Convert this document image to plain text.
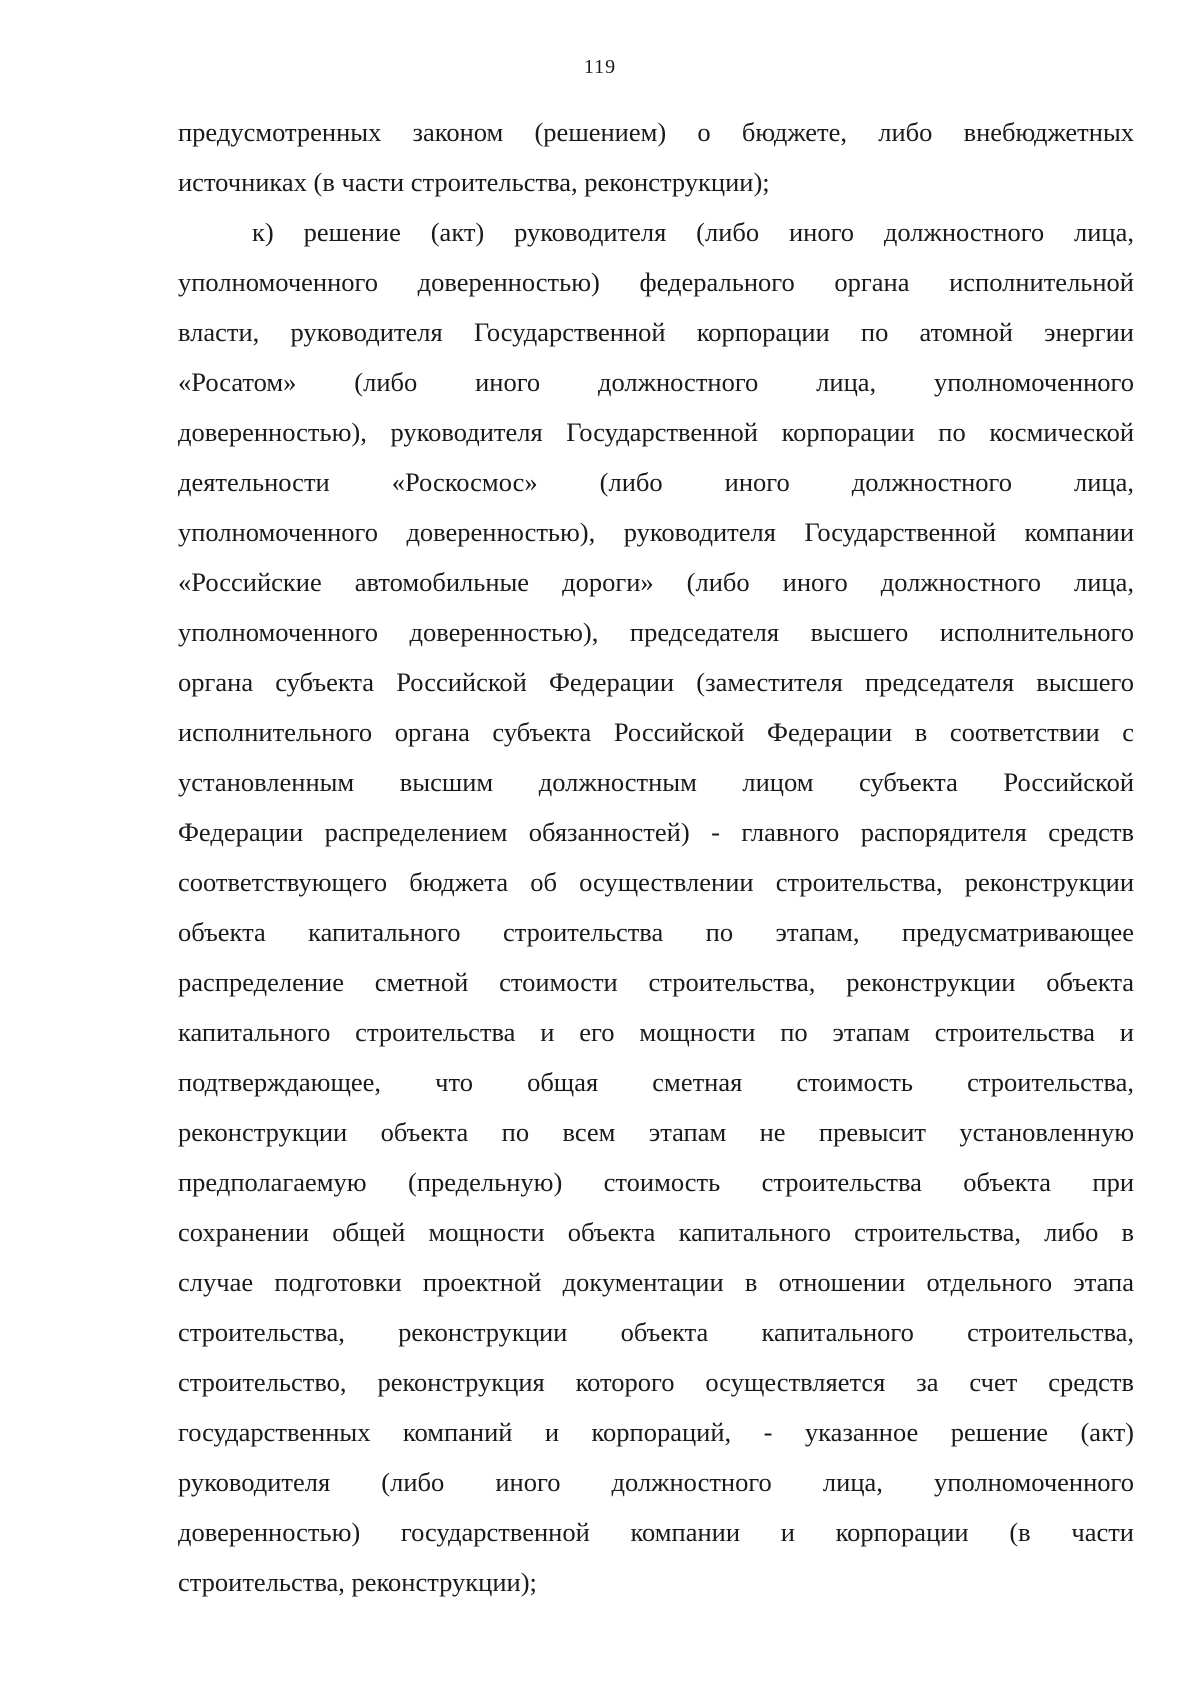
119
предусмотренных законом (решением) о бюджете, либо внебюджетных
источниках (в части строительства, реконструкции);
к) решение (акт) руководителя (либо иного должностного лица,
уполномоченного доверенностью) федерального органа исполнительной
власти, руководителя Государственной корпорации по атомной энергии
«Росатом» (либо иного должностного лица, уполномоченного
доверенностью), руководителя Государственной корпорации по космической
деятельности «Роскосмос» (либо иного должностного лица,
уполномоченного доверенностью), руководителя Государственной компании
«Российские автомобильные дороги» (либо иного должностного лица,
уполномоченного доверенностью), председателя высшего исполнительного
органа субъекта Российской Федерации (заместителя председателя высшего
исполнительного органа субъекта Российской Федерации в соответствии с
установленным высшим должностным лицом субъекта Российской
Федерации распределением обязанностей) - главного распорядителя средств
соответствующего бюджета об осуществлении строительства, реконструкции
объекта капитального строительства по этапам, предусматривающее
распределение сметной стоимости строительства, реконструкции объекта
капитального строительства и его мощности по этапам строительства и
подтверждающее, что общая сметная стоимость строительства,
реконструкции объекта по всем этапам не превысит установленную
предполагаемую (предельную) стоимость строительства объекта при
сохранении общей мощности объекта капитального строительства, либо в
случае подготовки проектной документации в отношении отдельного этапа
строительства, реконструкции объекта капитального строительства,
строительство, реконструкция которого осуществляется за счет средств
государственных компаний и корпораций, - указанное решение (акт)
руководителя (либо иного должностного лица, уполномоченного
доверенностью) государственной компании и корпорации (в части
строительства, реконструкции);
